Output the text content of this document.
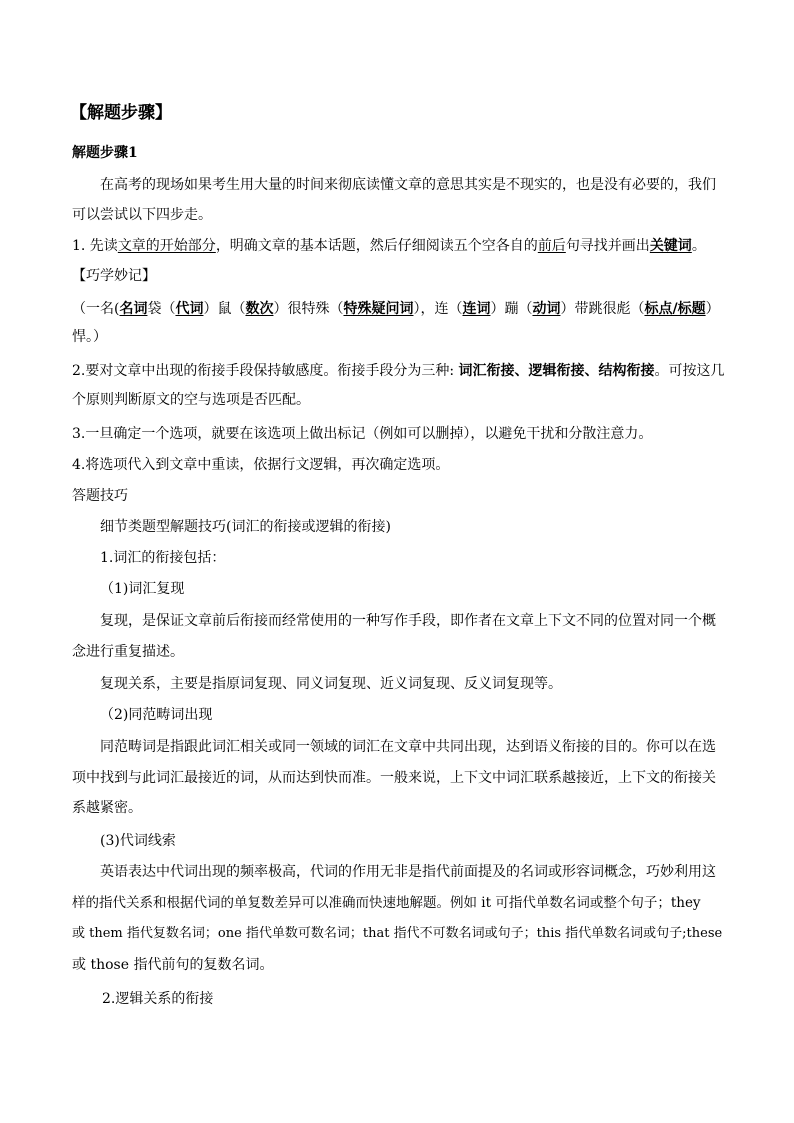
【解题步骤】
解题步骤1
在高考的现场如果考生用大量的时间来彻底读懂文章的意思其实是不现实的，也是没有必要的，我们
可以尝试以下四步走。
1. 先读文章的开始部分，明确文章的基本话题，然后仔细阅读五个空各自的前后句寻找并画出关键词。
【巧学妙记】
（一名(名词袋（代词）鼠（数次）很特殊（特殊疑问词），连（连词）蹦（动词）带跳很彪（标点/标题）
悍。）
2.要对文章中出现的衔接手段保持敏感度。衔接手段分为三种: 词汇衔接、逻辑衔接、结构衔接。可按这几
个原则判断原文的空与选项是否匹配。
3.一旦确定一个选项，就要在该选项上做出标记（例如可以删掉），以避免干扰和分散注意力。
4.将选项代入到文章中重读，依据行文逻辑，再次确定选项。
答题技巧
细节类题型解题技巧(词汇的衔接或逻辑的衔接)
1.词汇的衔接包括：
（1)词汇复现
复现，是保证文章前后衔接而经常使用的一种写作手段，即作者在文章上下文不同的位置对同一个概
念进行重复描述。
复现关系，主要是指原词复现、同义词复现、近义词复现、反义词复现等。
（2)同范畴词出现
同范畴词是指跟此词汇相关或同一领域的词汇在文章中共同出现，达到语义衔接的目的。你可以在选
项中找到与此词汇最接近的词，从而达到快而准。一般来说，上下文中词汇联系越接近，上下文的衔接关
系越紧密。
(3)代词线索
英语表达中代词出现的频率极高，代词的作用无非是指代前面提及的名词或形容词概念，巧妙利用这
样的指代关系和根据代词的单复数差异可以准确而快速地解题。例如 it 可指代单数名词或整个句子；they
或 them 指代复数名词；one 指代单数可数名词；that 指代不可数名词或句子；this 指代单数名词或句子;these
或 those 指代前句的复数名词。
2.逻辑关系的衔接
